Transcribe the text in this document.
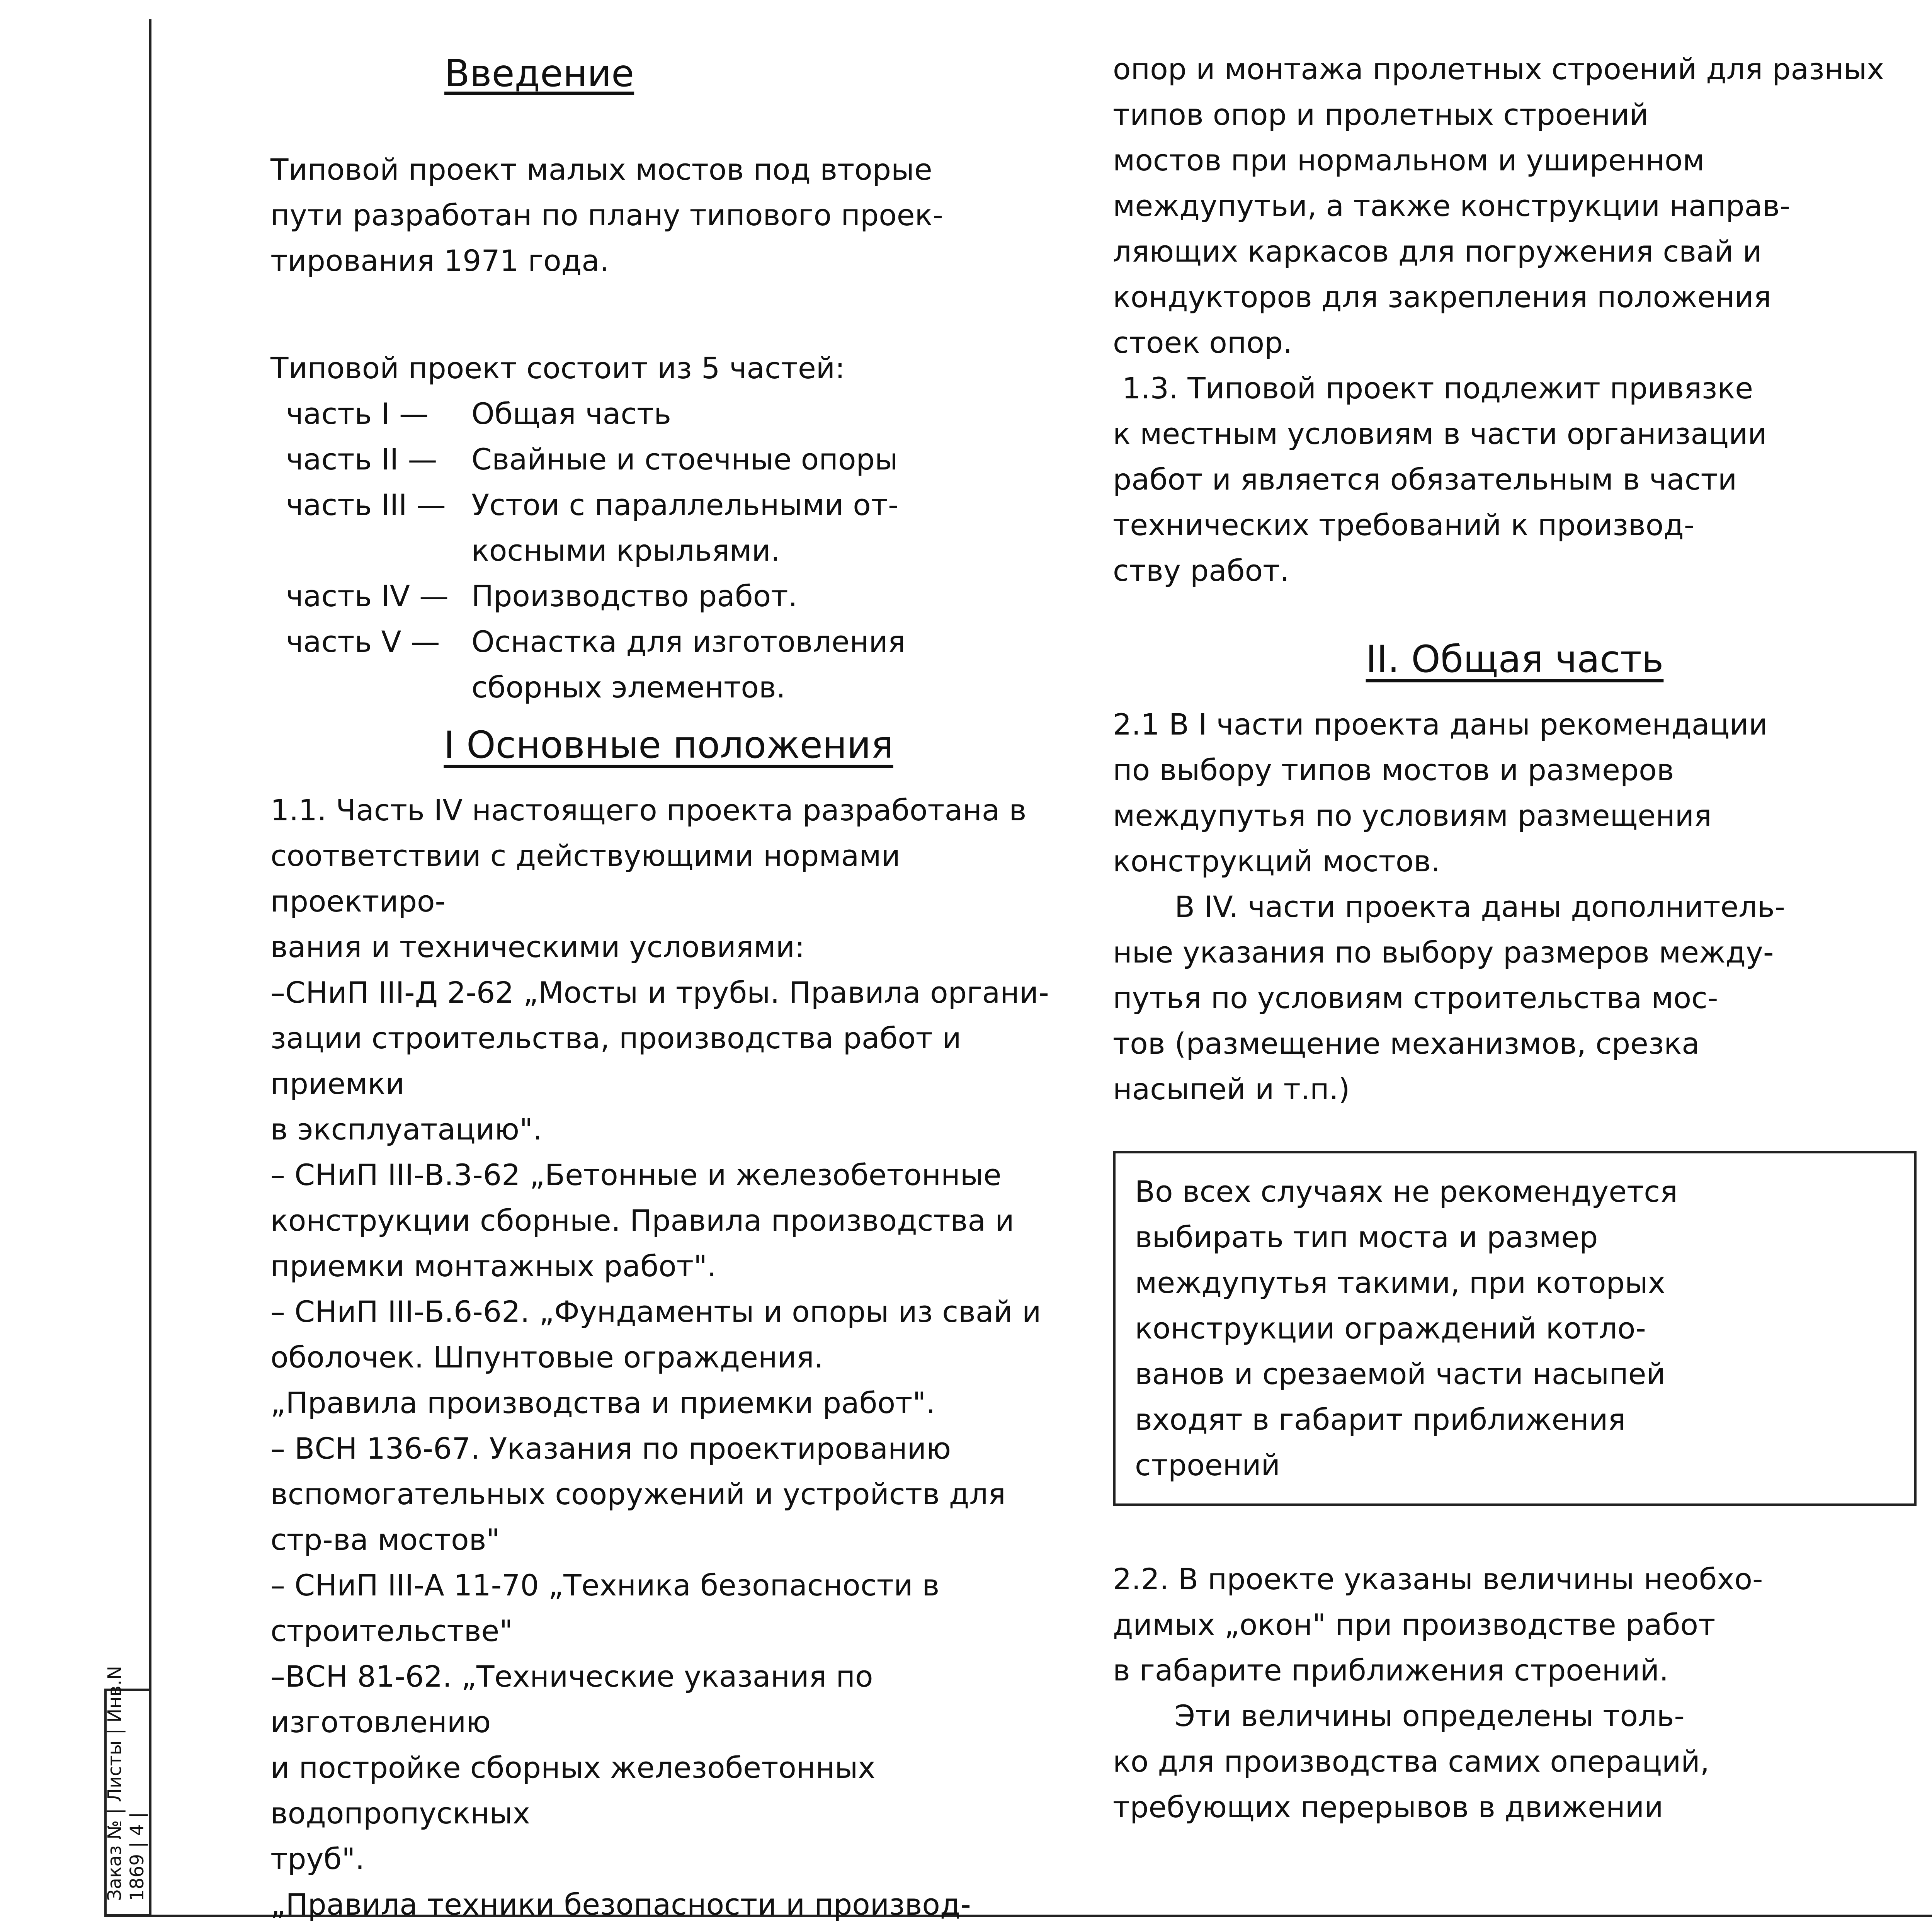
Заказ № | Листы | Инв.N
1869 | 4 |
Введение

Типовой проект малых мостов под вторые
пути разработан по плану типового проек-
тирования 1971 года.

Типовой проект состоит из 5 частей:

часть I —	Общая часть

часть II —	Свайные и стоечные опоры

часть III — Устои с параллельными от-
косными крыльями.

часть IV — Производство работ.

часть V —	Оснастка для изготовления
сборных элементов.

I Основные положения

1.1. Часть IV настоящего проекта разработана в
соответствии с действующими нормами проектиро-
вания и техническими условиями:
–СНиП III-Д 2-62 „Мосты и трубы. Правила органи-
зации строительства, производства работ и приемки
в эксплуатацию".
– СНиП III-В.3-62 „Бетонные и железобетонные
конструкции сборные. Правила производства и
приемки монтажных работ".
– СНиП III-Б.6-62. „Фундаменты и опоры из свай и
оболочек. Шпунтовые ограждения.
„Правила производства и приемки работ".
– ВСН 136-67. Указания по проектированию
вспомогательных сооружений и устройств для
стр-ва мостов"
– СНиП III-А 11-70 „Техника безопасности в
строительстве"
–ВСН 81-62. „Технические указания по изготовлению
и постройке сборных железобетонных водопропускных
труб".
„Правила техники безопасности и производ-

опор и монтажа пролетных строений для разных
типов опор и пролетных строений
мостов при нормальном и уширенном
междупутьи, а также конструкции направ-
ляющих каркасов для погружения свай и
кондукторов для закрепления положения
стоек опор.
1.3. Типовой проект подлежит привязке
к местным условиям в части организации
работ и является обязательным в части
технических требований к производ-
ству работ.

II. Общая часть

2.1 В I части проекта даны рекомендации
по выбору типов мостов и размеров
междупутья по условиям размещения
конструкций мостов.

В IV. части проекта даны дополнитель-
ные указания по выбору размеров между-
путья по условиям строительства мос-
тов (размещение механизмов, срезка
насыпей и т.п.)

Во всех случаях не рекомендуется
выбирать тип моста и размер
междупутья такими, при которых
конструкции ограждений котло-
ванов и срезаемой части насыпей
входят в габарит приближения
строений

2.2. В проекте указаны величины необхо-
димых „окон" при производстве работ
в габарите приближения строений.

Эти величины определены толь-
ко для производства самих операций,
требующих перерывов в движении
